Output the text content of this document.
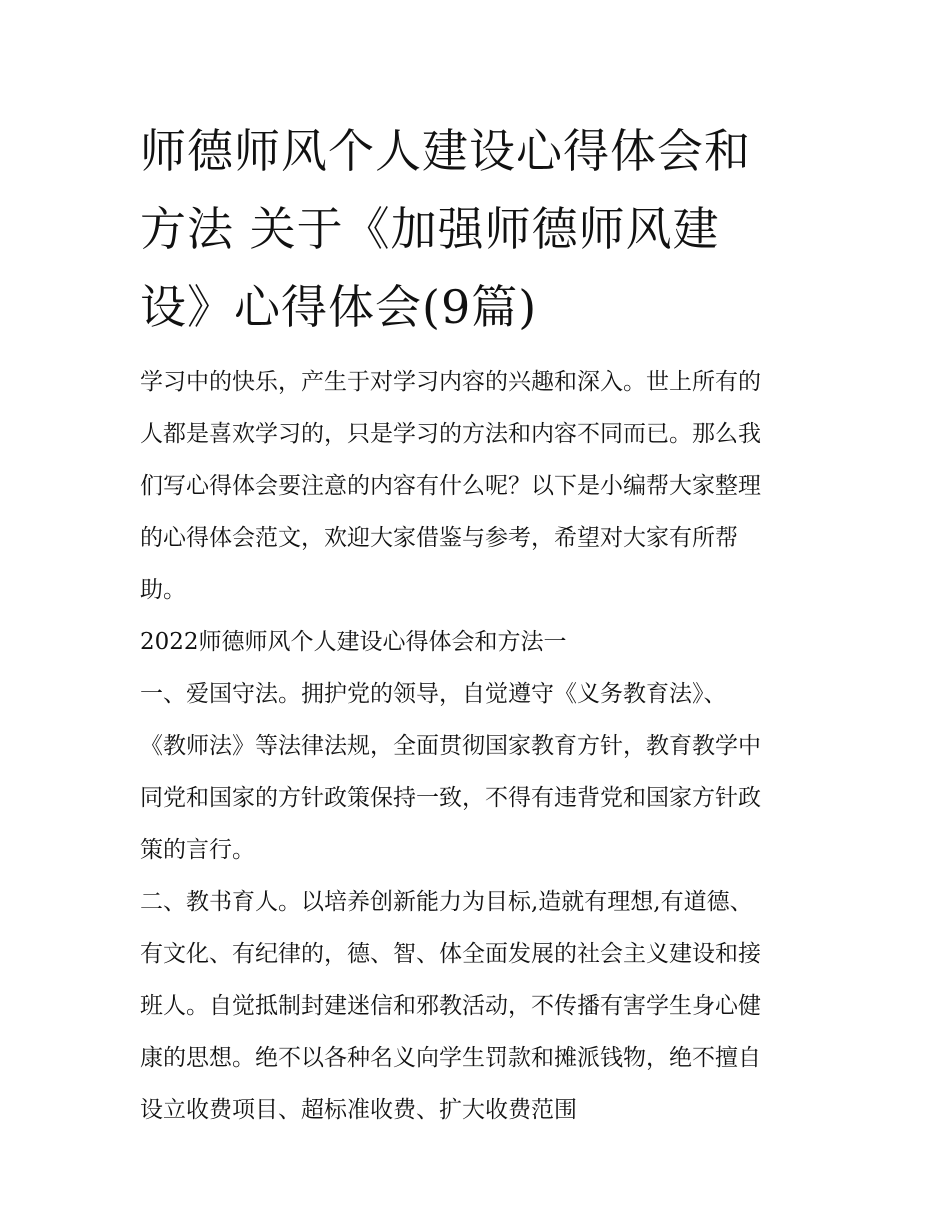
师德师风个人建设心得体会和
方法 关于《加强师德师风建
设》心得体会(9篇)
学习中的快乐，产生于对学习内容的兴趣和深入。世上所有的
人都是喜欢学习的，只是学习的方法和内容不同而已。那么我
们写心得体会要注意的内容有什么呢？以下是小编帮大家整理
的心得体会范文，欢迎大家借鉴与参考，希望对大家有所帮
助。
2022师德师风个人建设心得体会和方法一
一、爱国守法。拥护党的领导，自觉遵守《义务教育法》、
《教师法》等法律法规，全面贯彻国家教育方针，教育教学中
同党和国家的方针政策保持一致，不得有违背党和国家方针政
策的言行。
二、教书育人。以培养创新能力为目标,造就有理想,有道德、
有文化、有纪律的，德、智、体全面发展的社会主义建设和接
班人。自觉抵制封建迷信和邪教活动，不传播有害学生身心健
康的思想。绝不以各种名义向学生罚款和摊派钱物，绝不擅自
设立收费项目、超标准收费、扩大收费范围
